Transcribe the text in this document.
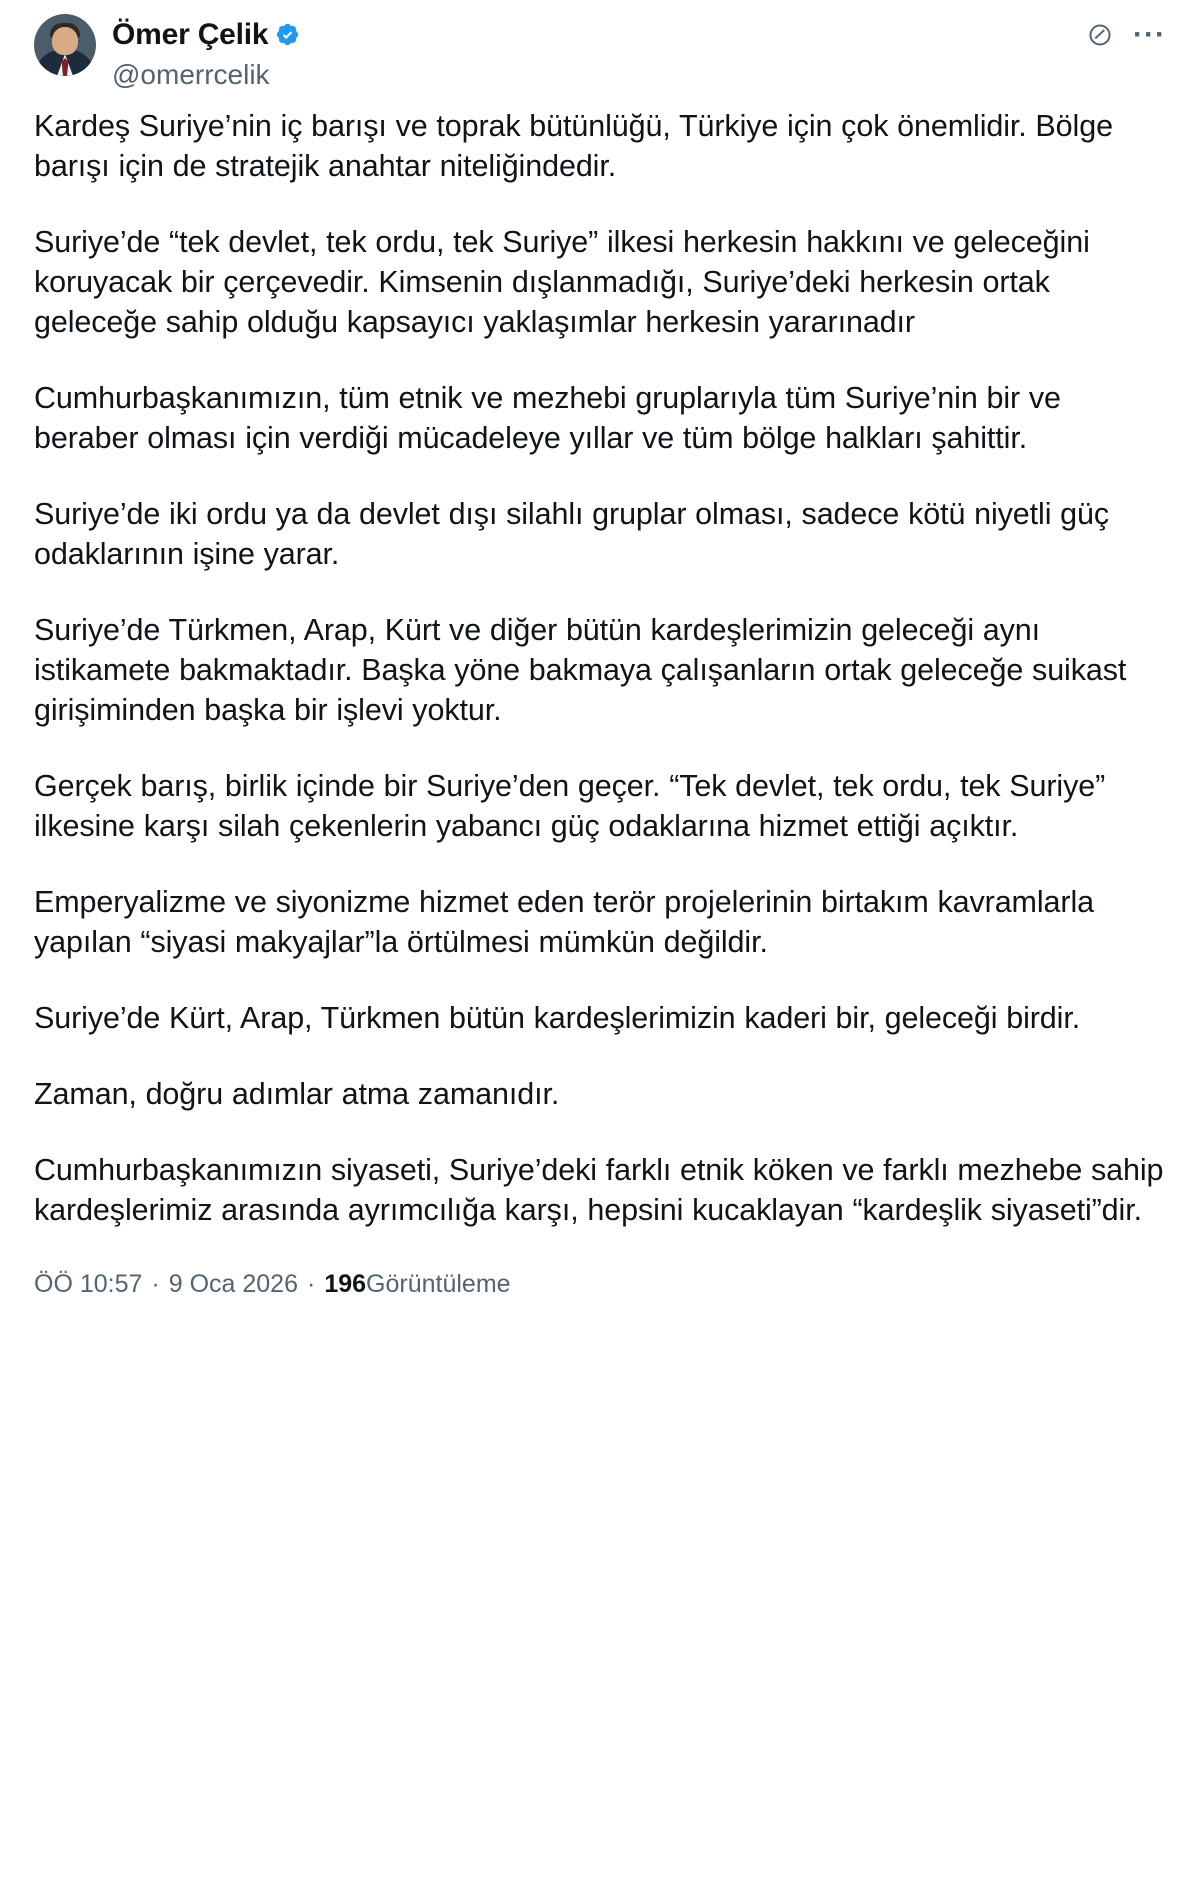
Ömer Çelik
@omerrcelik
···

Kardeş Suriye’nin iç barışı ve toprak bütünlüğü, Türkiye için çok önemlidir. Bölge barışı için de stratejik anahtar niteliğindedir.

Suriye’de “tek devlet, tek ordu, tek Suriye” ilkesi herkesin hakkını ve geleceğini koruyacak bir çerçevedir. Kimsenin dışlanmadığı, Suriye’deki herkesin ortak geleceğe sahip olduğu kapsayıcı yaklaşımlar herkesin yararınadır

Cumhurbaşkanımızın, tüm etnik ve mezhebi gruplarıyla tüm Suriye’nin bir ve beraber olması için verdiği mücadeleye yıllar ve tüm bölge halkları şahittir.

Suriye’de iki ordu ya da devlet dışı silahlı gruplar olması, sadece kötü niyetli güç odaklarının işine yarar.

Suriye’de Türkmen, Arap, Kürt ve diğer bütün kardeşlerimizin geleceği aynı istikamete bakmaktadır. Başka yöne bakmaya çalışanların ortak geleceğe suikast girişiminden başka bir işlevi yoktur.

Gerçek barış, birlik içinde bir Suriye’den geçer. “Tek devlet, tek ordu, tek Suriye” ilkesine karşı silah çekenlerin yabancı güç odaklarına hizmet ettiği açıktır.

Emperyalizme ve siyonizme hizmet eden terör projelerinin birtakım kavramlarla yapılan “siyasi makyajlar”la örtülmesi mümkün değildir.

Suriye’de Kürt, Arap, Türkmen bütün kardeşlerimizin kaderi bir, geleceği birdir.

Zaman, doğru adımlar atma zamanıdır.

Cumhurbaşkanımızın siyaseti, Suriye’deki farklı etnik köken ve farklı mezhebe sahip kardeşlerimiz arasında ayrımcılığa karşı, hepsini kucaklayan “kardeşlik siyaseti”dir.

ÖÖ 10:57 · 9 Oca 2026 · 196 Görüntüleme
